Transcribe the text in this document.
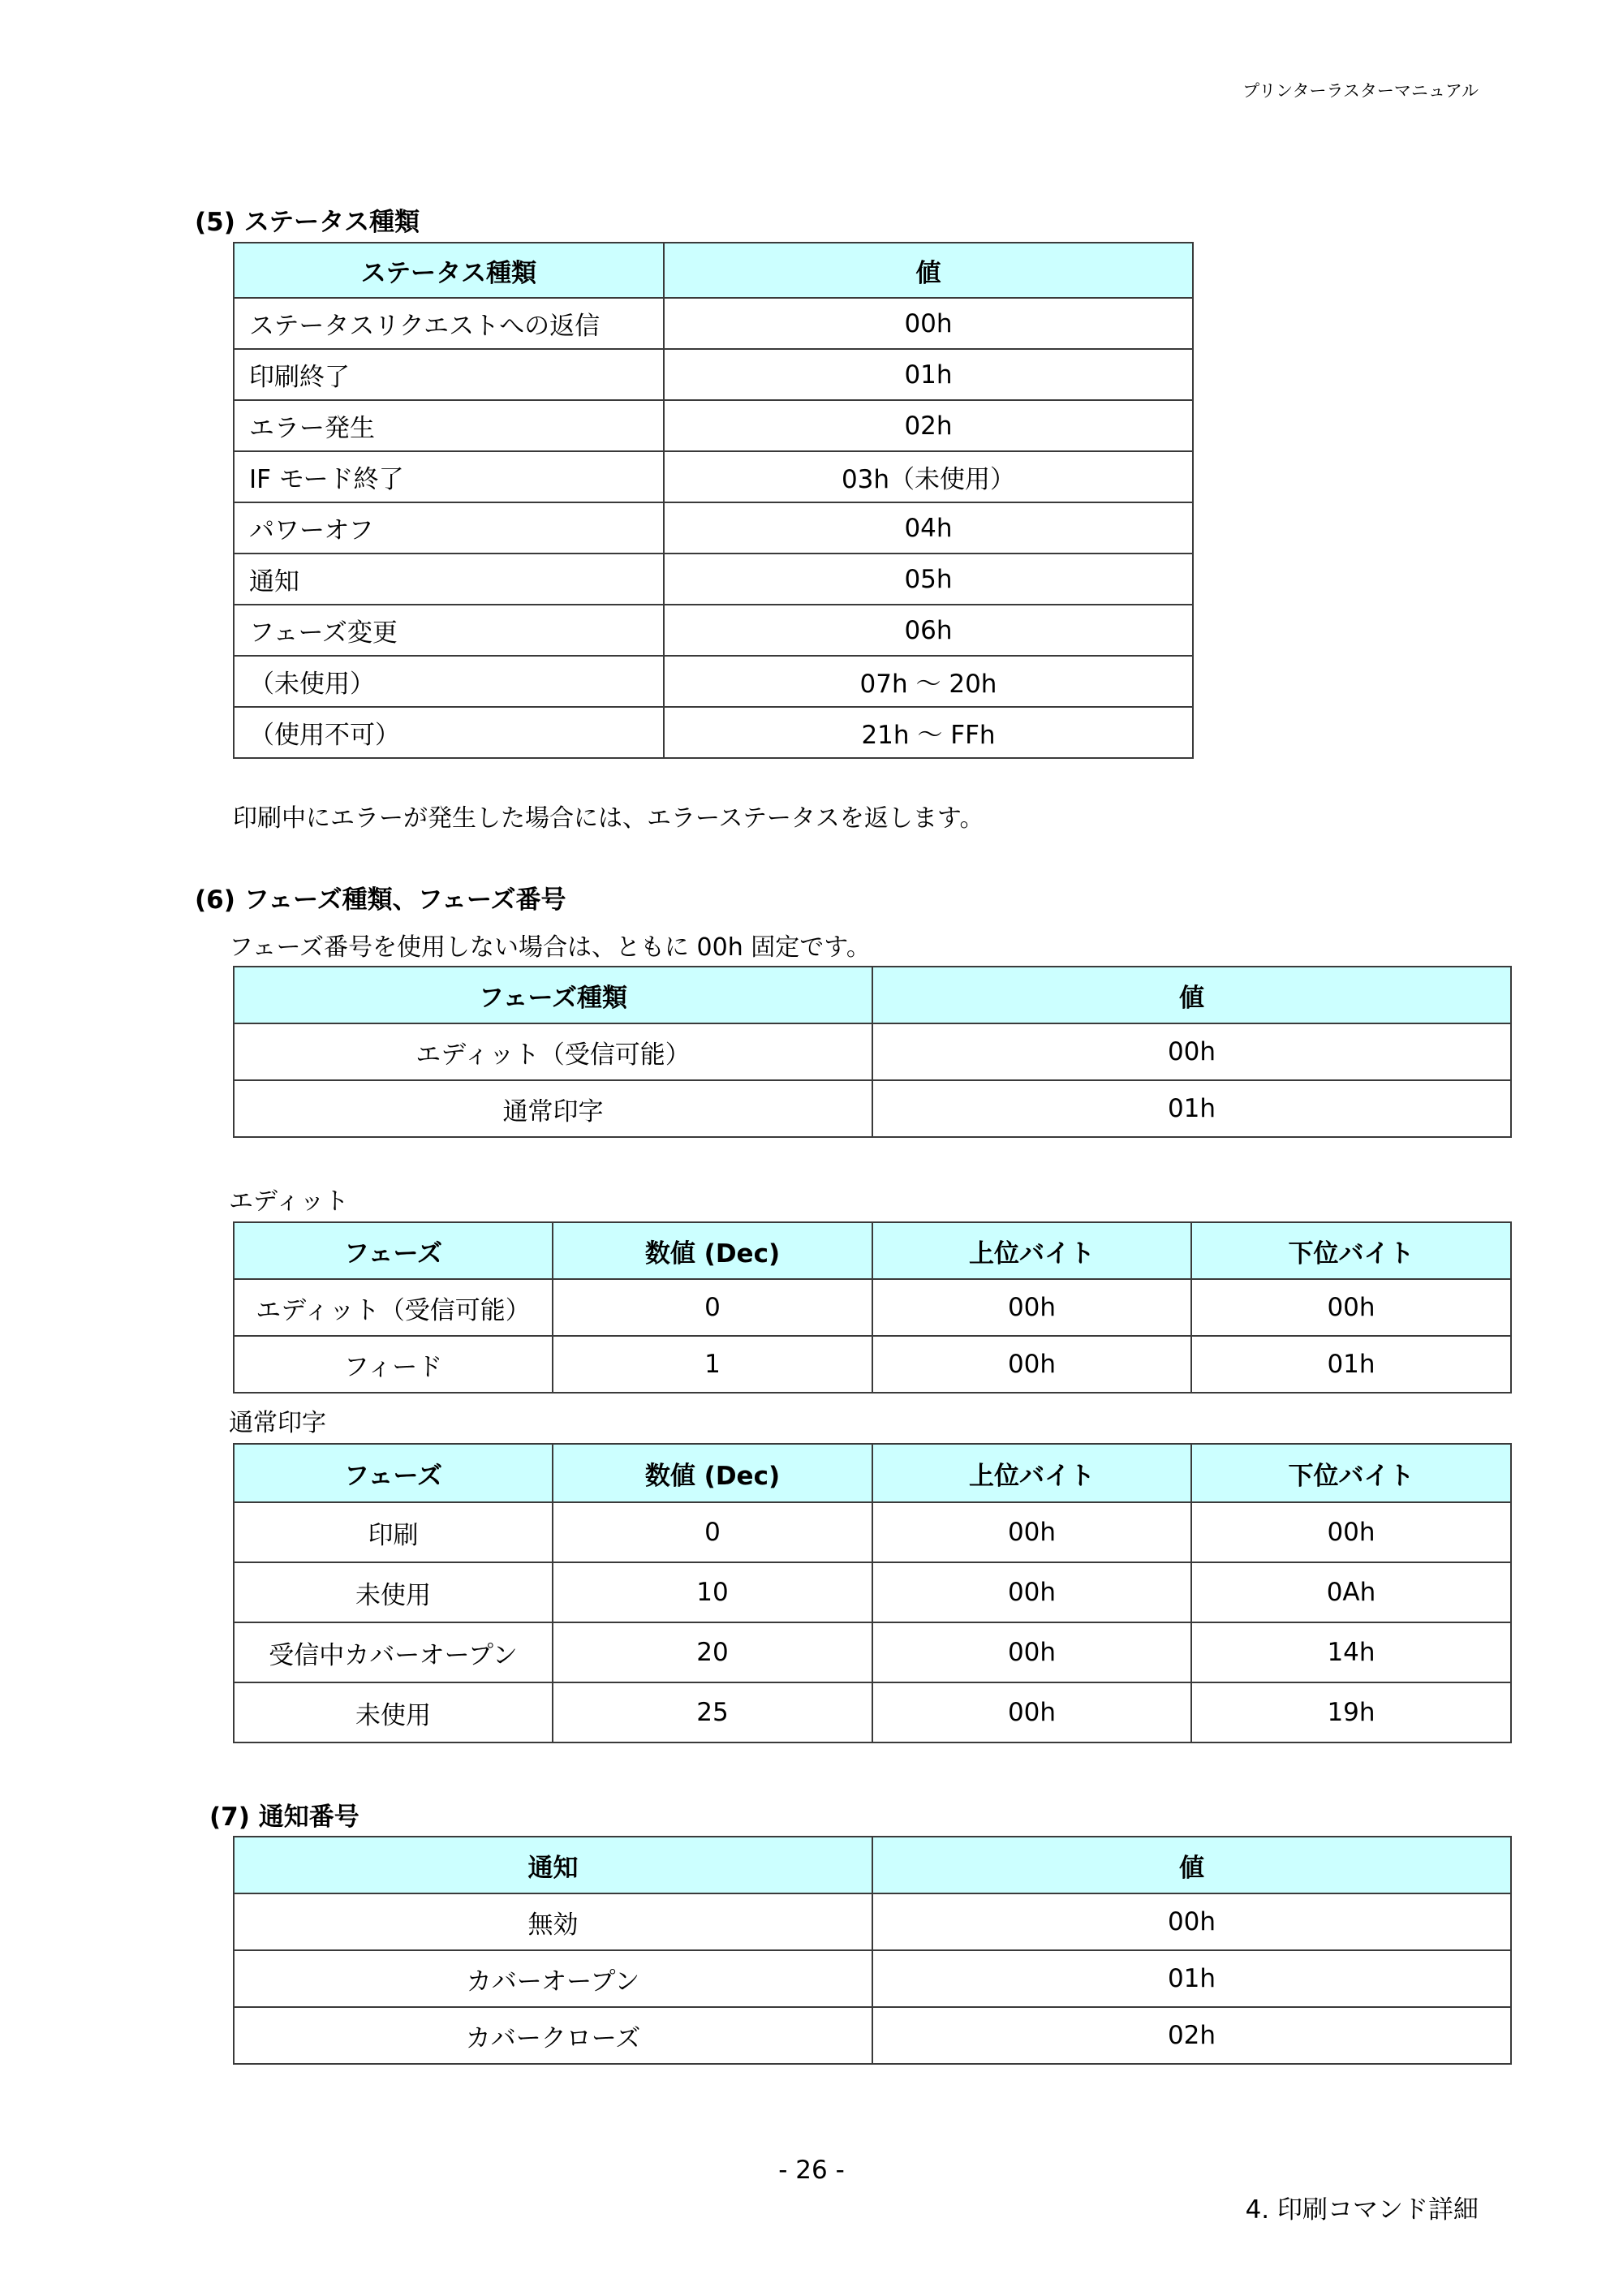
プリンターラスターマニュアル
(5) ステータス種類
ステータス種類	値
ステータスリクエストへの返信	00h
印刷終了	01h
エラー発生	02h
IF モード終了	03h（未使用）
パワーオフ	04h
通知	05h
フェーズ変更	06h
（未使用）	07h ～ 20h
（使用不可）	21h ～ FFh
印刷中にエラーが発生した場合には、エラーステータスを返します。
(6) フェーズ種類、フェーズ番号
フェーズ番号を使用しない場合は、ともに 00h 固定です。
フェーズ種類	値
エディット（受信可能）	00h
通常印字	01h
エディット
フェーズ	数値 (Dec)	上位バイト	下位バイト
エディット（受信可能）	0	00h	00h
フィード	1	00h	01h
通常印字
フェーズ	数値 (Dec)	上位バイト	下位バイト
印刷	0	00h	00h
未使用	10	00h	0Ah
受信中カバーオープン	20	00h	14h
未使用	25	00h	19h
(7) 通知番号
通知	値
無効	00h
カバーオープン	01h
カバークローズ	02h
- 26 -
4. 印刷コマンド詳細
